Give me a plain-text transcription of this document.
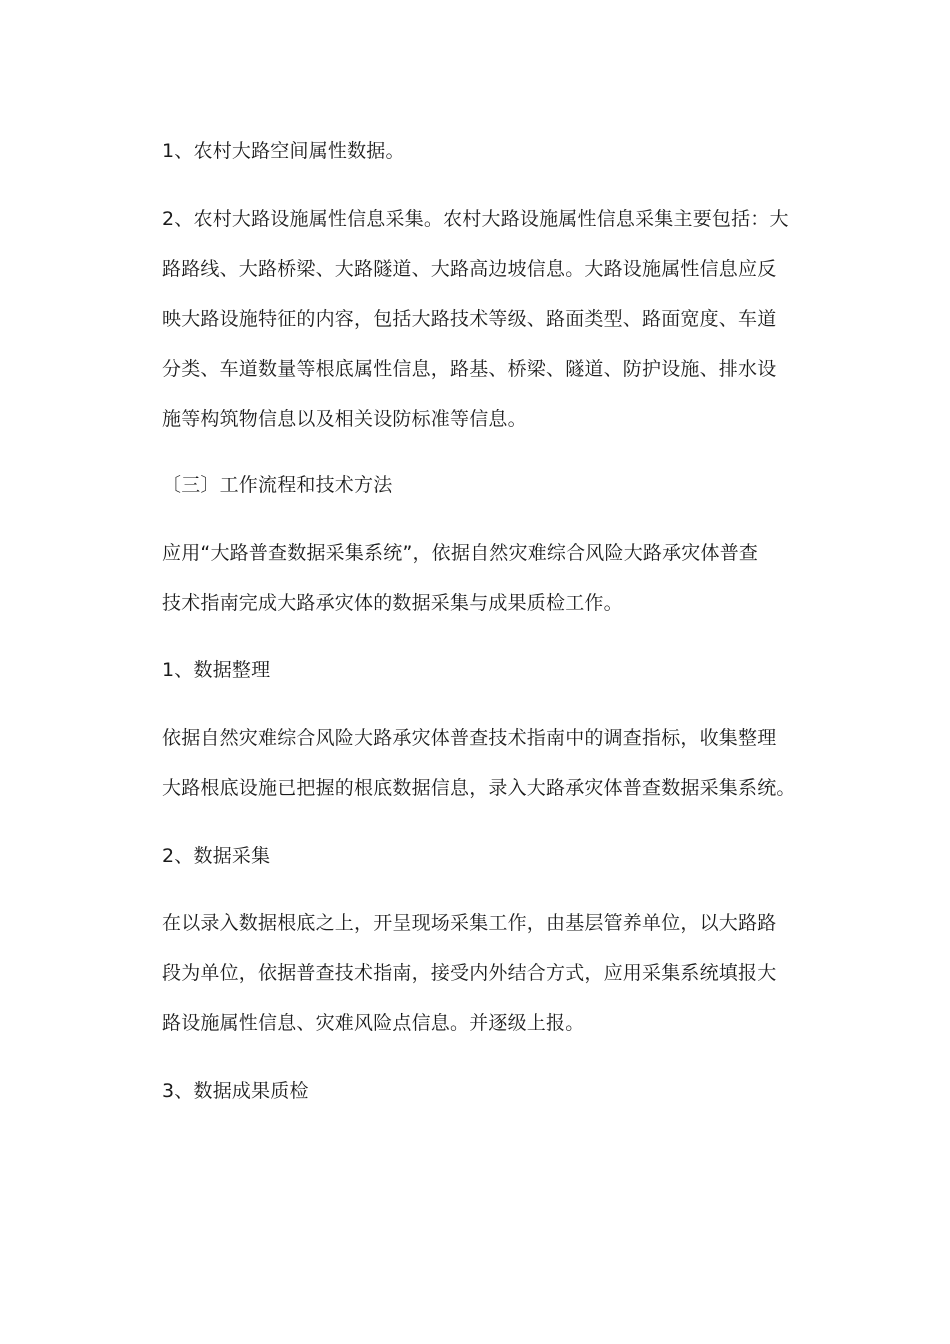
1、农村大路空间属性数据。

2、农村大路设施属性信息采集。农村大路设施属性信息采集主要包括：大
路路线、大路桥梁、大路隧道、大路高边坡信息。大路设施属性信息应反
映大路设施特征的内容，包括大路技术等级、路面类型、路面宽度、车道
分类、车道数量等根底属性信息，路基、桥梁、隧道、防护设施、排水设
施等构筑物信息以及相关设防标准等信息。

〔三〕工作流程和技术方法

应用“大路普查数据采集系统”，依据自然灾难综合风险大路承灾体普查
技术指南完成大路承灾体的数据采集与成果质检工作。

1、数据整理

依据自然灾难综合风险大路承灾体普查技术指南中的调查指标，收集整理
大路根底设施已把握的根底数据信息，录入大路承灾体普查数据采集系统。

2、数据采集

在以录入数据根底之上，开呈现场采集工作，由基层管养单位，以大路路
段为单位，依据普查技术指南，接受内外结合方式，应用采集系统填报大
路设施属性信息、灾难风险点信息。并逐级上报。

3、数据成果质检
